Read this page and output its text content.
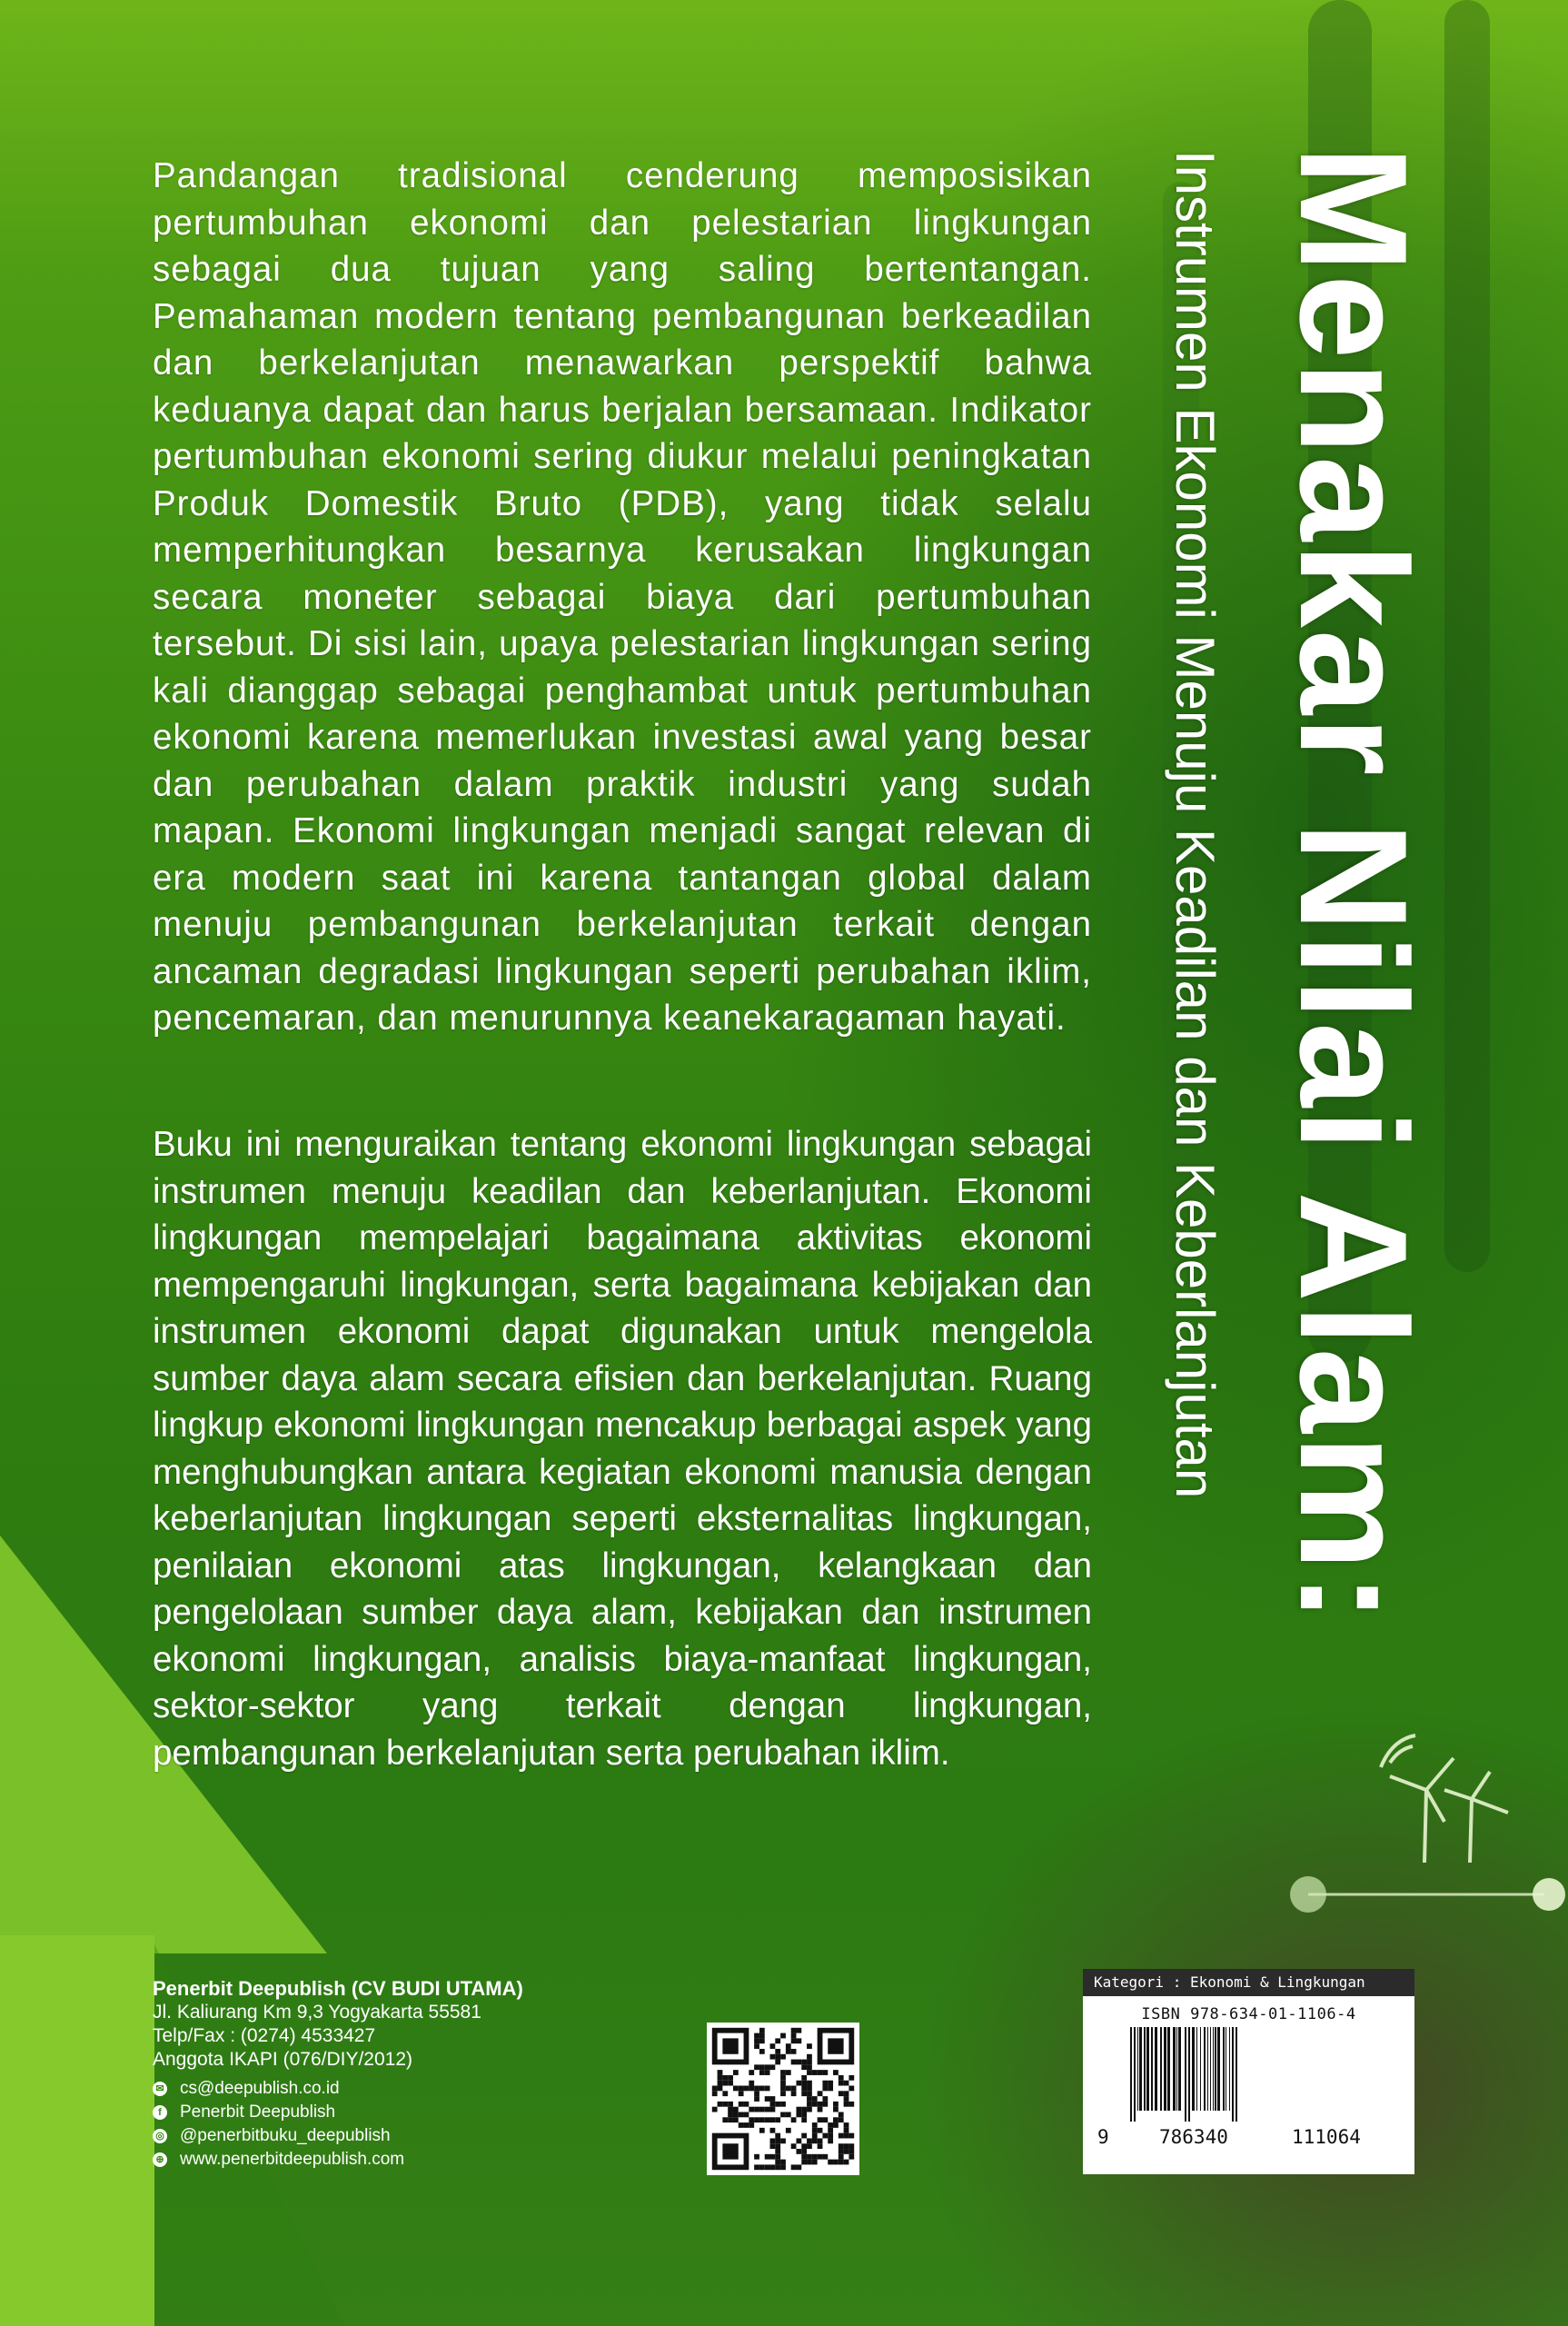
Pandangan tradisional cenderung memposisikan pertumbuhan ekonomi dan pelestarian lingkungan sebagai dua tujuan yang saling bertentangan. Pemahaman modern tentang pembangunan berkeadilan dan berkelanjutan menawarkan perspektif bahwa keduanya dapat dan harus berjalan bersamaan. Indikator pertumbuhan ekonomi sering diukur melalui peningkatan Produk Domestik Bruto (PDB), yang tidak selalu memperhitungkan besarnya kerusakan lingkungan secara moneter sebagai biaya dari pertumbuhan tersebut. Di sisi lain, upaya pelestarian lingkungan sering kali dianggap sebagai penghambat untuk pertumbuhan ekonomi karena memerlukan investasi awal yang besar dan perubahan dalam praktik industri yang sudah mapan. Ekonomi lingkungan menjadi sangat relevan di era modern saat ini karena tantangan global dalam menuju pembangunan berkelanjutan terkait dengan ancaman degradasi lingkungan seperti perubahan iklim, pencemaran, dan menurunnya keanekaragaman hayati.

Buku ini menguraikan tentang ekonomi lingkungan sebagai instrumen menuju keadilan dan keberlanjutan. Ekonomi lingkungan mempelajari bagaimana aktivitas ekonomi mempengaruhi lingkungan, serta bagaimana kebijakan dan instrumen ekonomi dapat digunakan untuk mengelola sumber daya alam secara efisien dan berkelanjutan. Ruang lingkup ekonomi lingkungan mencakup berbagai aspek yang menghubungkan antara kegiatan ekonomi manusia dengan keberlanjutan lingkungan seperti eksternalitas lingkungan, penilaian ekonomi atas lingkungan, kelangkaan dan pengelolaan sumber daya alam, kebijakan dan instrumen ekonomi lingkungan, analisis biaya-manfaat lingkungan, sektor-sektor yang terkait dengan lingkungan, pembangunan berkelanjutan serta perubahan iklim.

Menakar Nilai Alam:
Instrumen Ekonomi Menuju Keadilan dan Keberlanjutan
Penerbit Deepublish (CV BUDI UTAMA)
Jl. Kaliurang Km 9,3 Yogyakarta 55581
Telp/Fax : (0274) 4533427
Anggota IKAPI (076/DIY/2012)
✉ cs@deepublish.co.id
f	Penerbit Deepublish
◎ @penerbitbuku_deepublish
⊕ www.penerbitdeepublish.com
Kategori : Ekonomi & Lingkungan
ISBN 978-634-01-1106-4
9	786340	111064
